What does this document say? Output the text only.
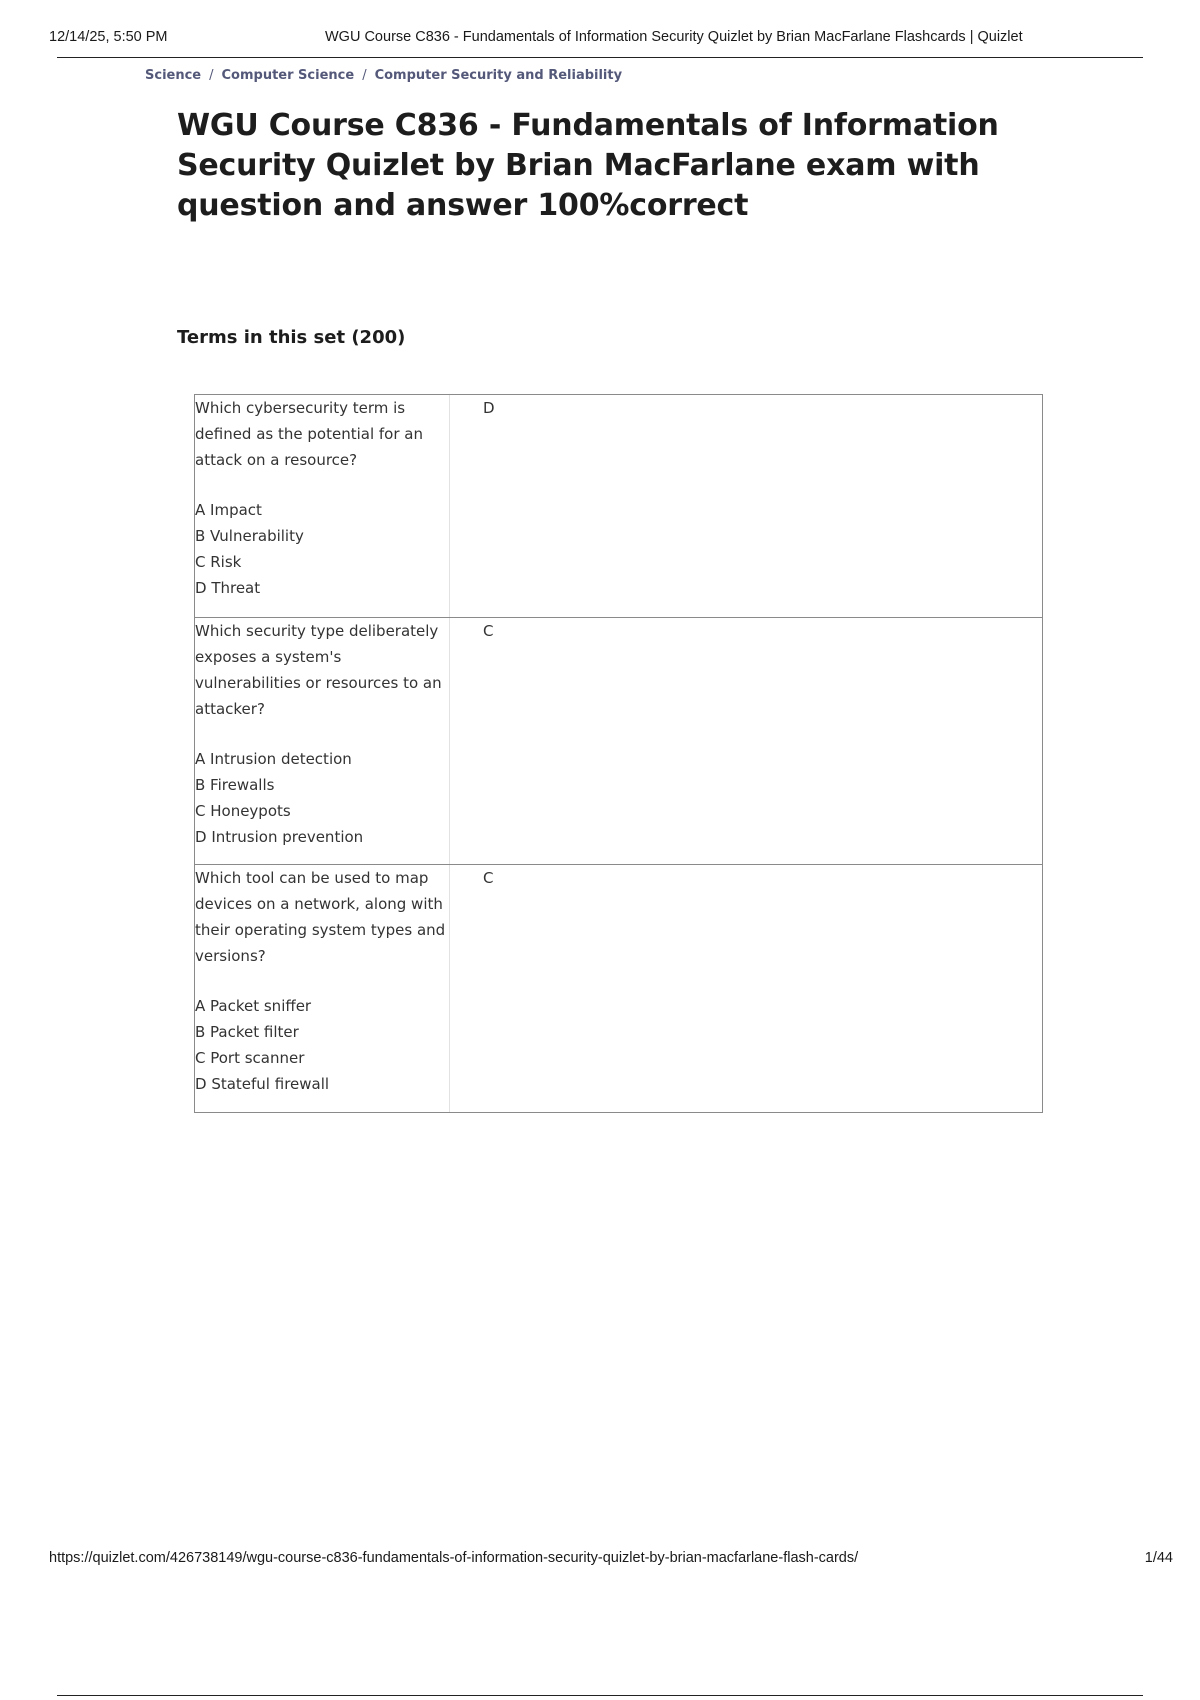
12/14/25, 5:50 PM	WGU Course C836 - Fundamentals of Information Security Quizlet by Brian MacFarlane Flashcards | Quizlet
Science / Computer Science / Computer Security and Reliability
WGU Course C836 - Fundamentals of Information Security Quizlet by Brian MacFarlane exam with question and answer 100%correct
Terms in this set (200)
Which cybersecurity term is defined as the potential for an attack on a resource?
A Impact
B Vulnerability
C Risk
D Threat
D
Which security type deliberately exposes a system's vulnerabilities or resources to an attacker?
A Intrusion detection
B Firewalls
C Honeypots
D Intrusion prevention
C
Which tool can be used to map devices on a network, along with their operating system types and versions?
A Packet sniffer
B Packet filter
C Port scanner
D Stateful firewall
C
https://quizlet.com/426738149/wgu-course-c836-fundamentals-of-information-security-quizlet-by-brian-macfarlane-flash-cards/	1/44
